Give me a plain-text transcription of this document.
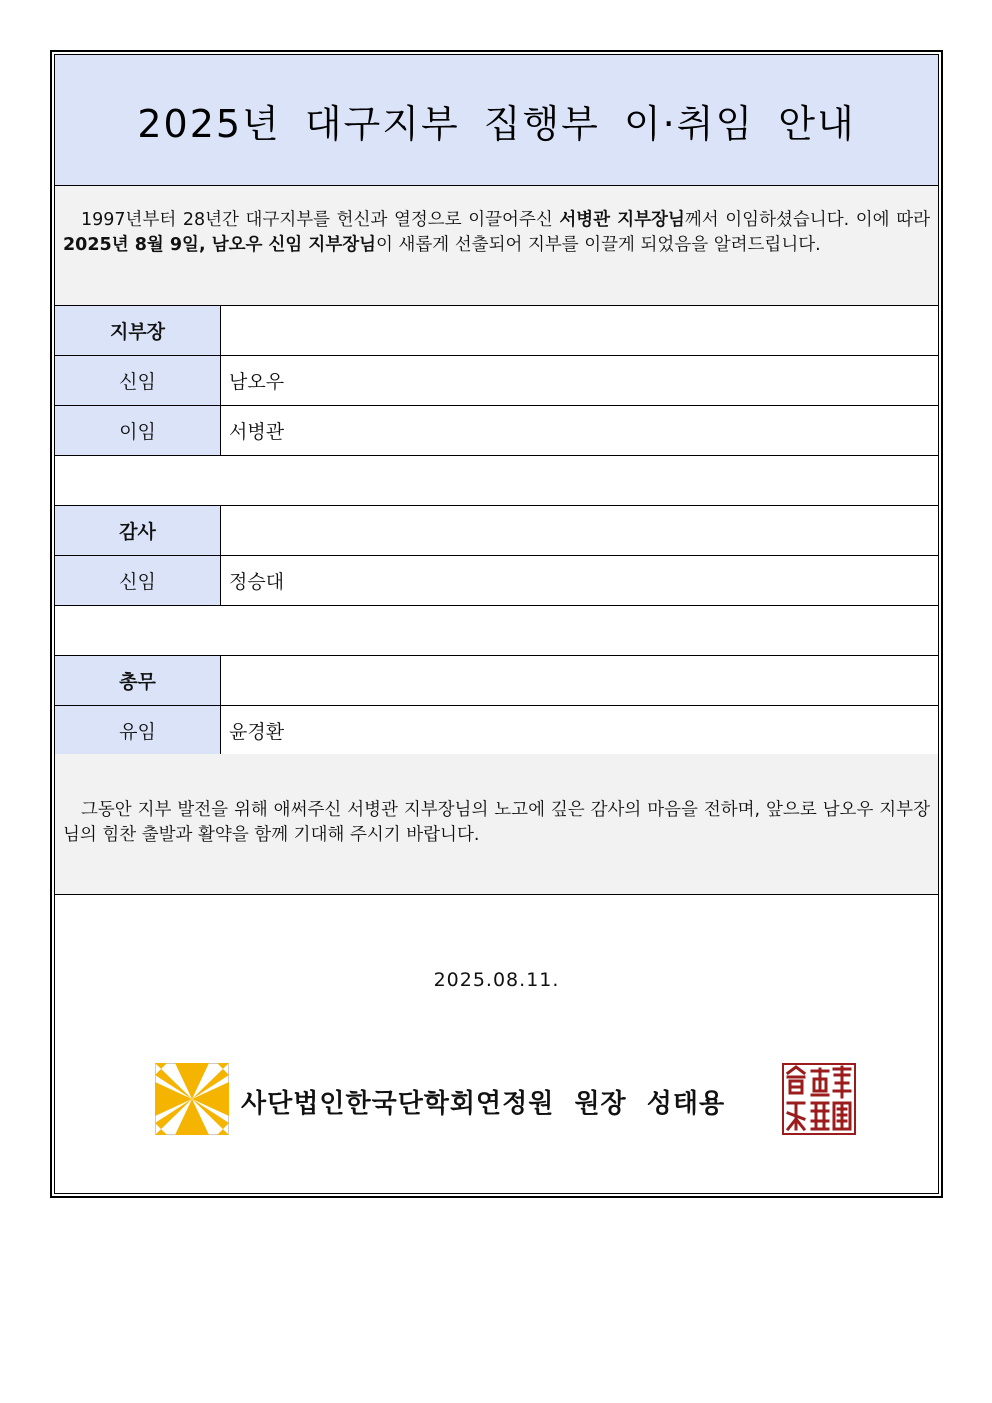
2025년 대구지부 집행부 이·취임 안내

1997년부터 28년간 대구지부를 헌신과 열정으로 이끌어주신 서병관 지부장님께서 이임하셨습니다. 이에 따라 2025년 8월 9일, 남오우 신임 지부장님이 새롭게 선출되어 지부를 이끌게 되었음을 알려드립니다.

지부장
신임	남오우
이임	서병관
감사
신임	정승대
총무
유임	윤경환

그동안 지부 발전을 위해 애써주신 서병관 지부장님의 노고에 깊은 감사의 마음을 전하며, 앞으로 남오우 지부장님의 힘찬 출발과 활약을 함께 기대해 주시기 바랍니다.

2025.08.11.
사단법인한국단학회연정원 원장 성태용
